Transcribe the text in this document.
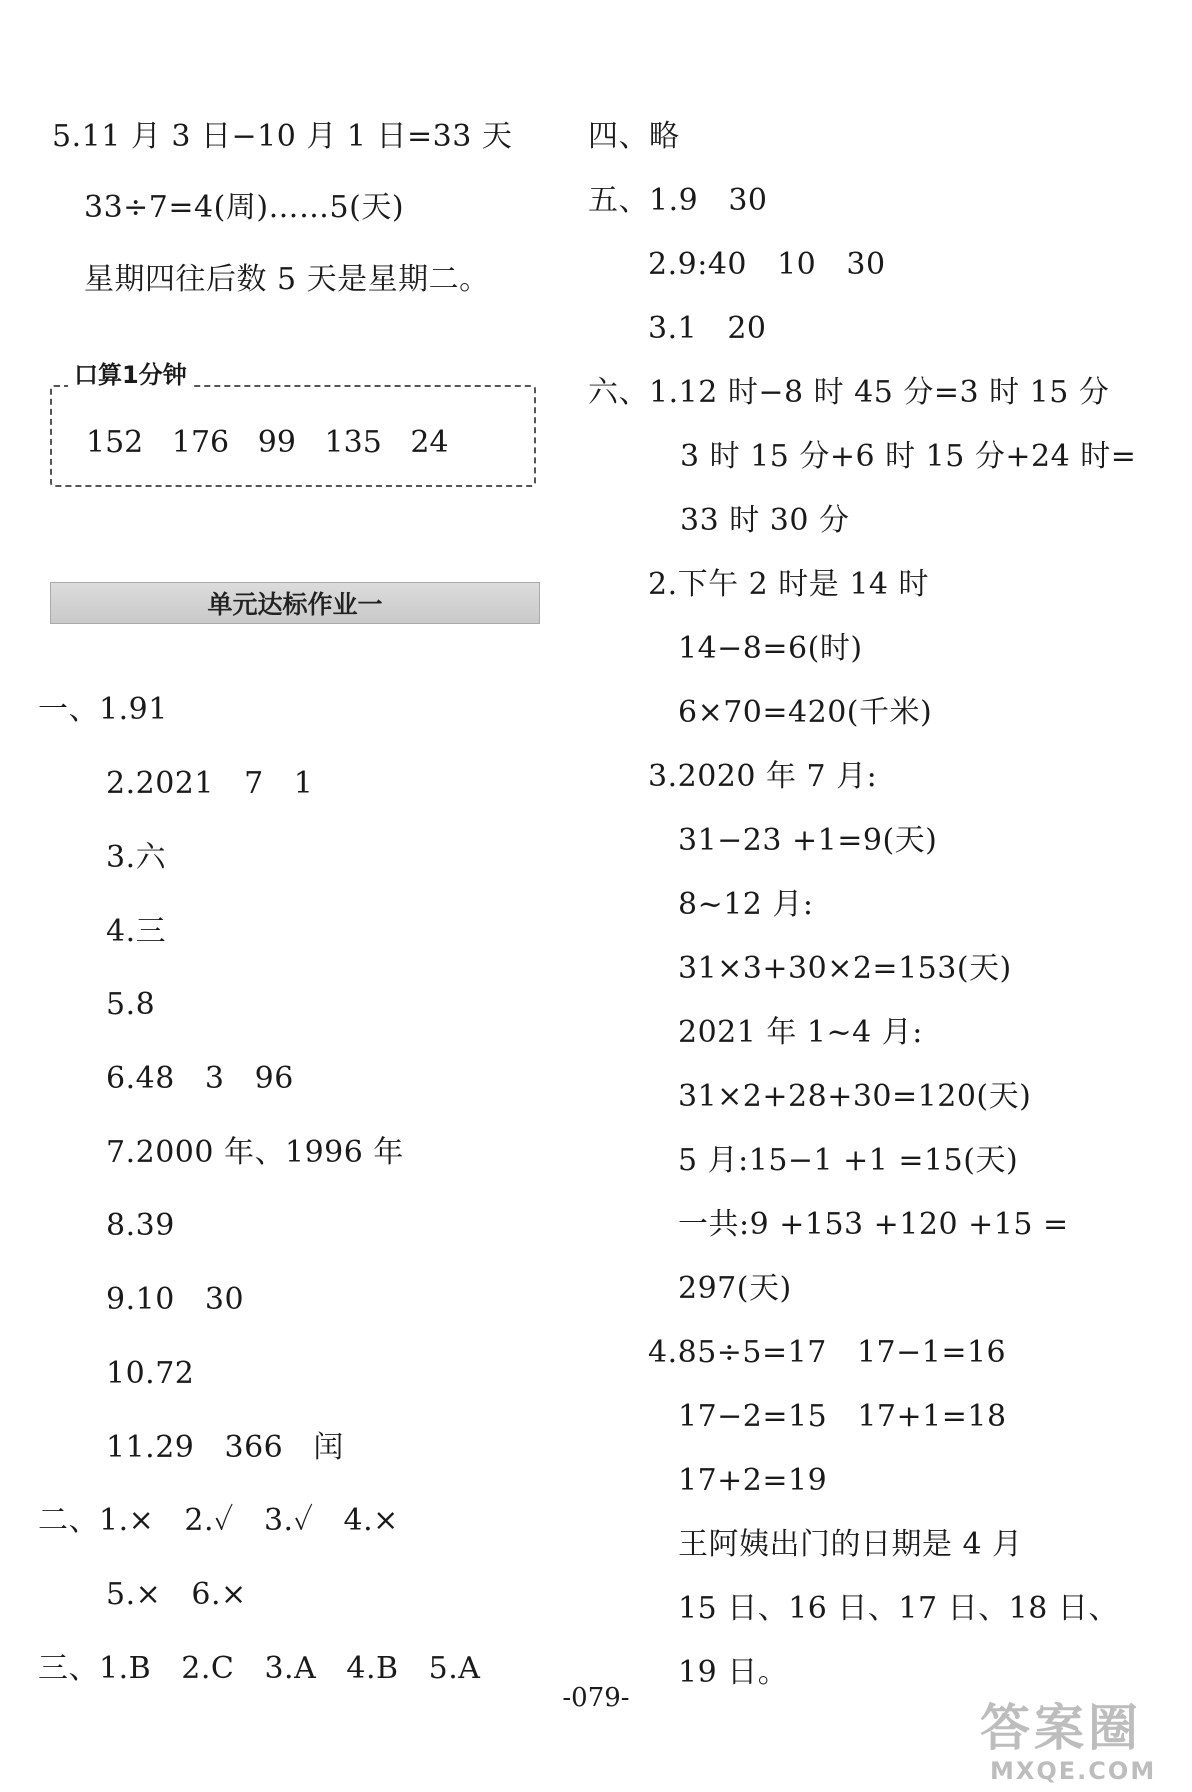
5.11 月 3 日−10 月 1 日=33 天
33÷7=4(周)……5(天)
星期四往后数 5 天是星期二。
口算1分钟
152   176   99   135   24
单元达标作业一
一、1.91
2.2021   7   1
3.六
4.三
5.8
6.48   3   96
7.2000 年、1996 年
8.39
9.10   30
10.72
11.29   366   闰
二、1.×   2.✓   3.✓   4.×
5.×   6.×
三、1.B   2.C   3.A   4.B   5.A
四、略
五、1.9   30
2.9:40   10   30
3.1   20
六、1.12 时−8 时 45 分=3 时 15 分
3 时 15 分+6 时 15 分+24 时=
33 时 30 分
2.下午 2 时是 14 时
14−8=6(时)
6×70=420(千米)
3.2020 年 7 月:
31−23 +1=9(天)
8~12 月:
31×3+30×2=153(天)
2021 年 1~4 月:
31×2+28+30=120(天)
5 月:15−1 +1 =15(天)
一共:9 +153 +120 +15 =
297(天)
4.85÷5=17   17−1=16
17−2=15   17+1=18
17+2=19
王阿姨出门的日期是 4 月
15 日、16 日、17 日、18 日、
19 日。
-079-
答案圈
MXQE.COM
